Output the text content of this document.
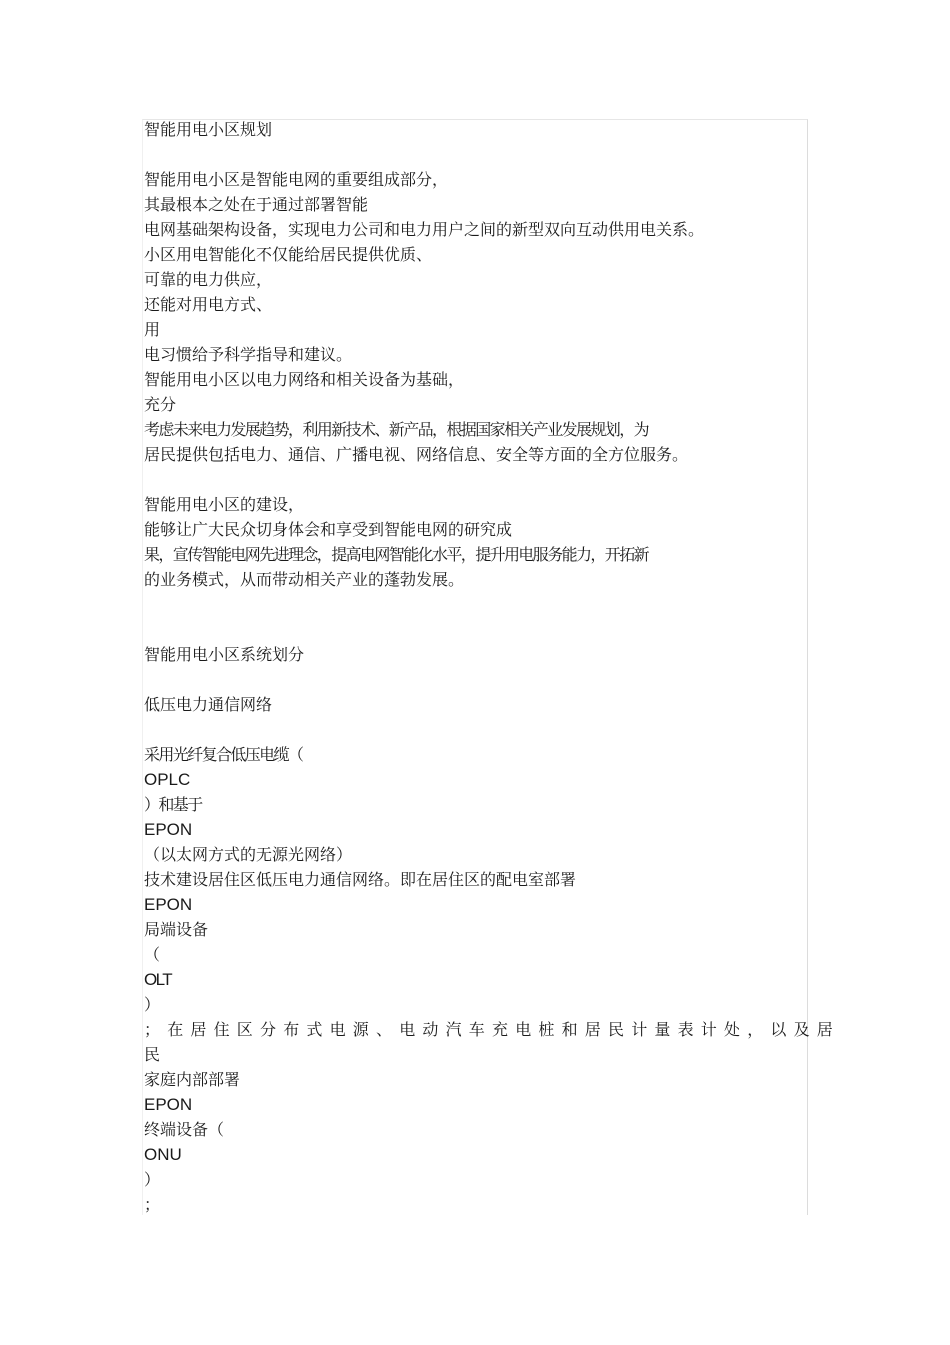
智能用电小区规划
智能用电小区是智能电网的重要组成部分，
其最根本之处在于通过部署智能
电网基础架构设备，实现电力公司和电力用户之间的新型双向互动供用电关系。
小区用电智能化不仅能给居民提供优质、
可靠的电力供应，
还能对用电方式、
用
电习惯给予科学指导和建议。
智能用电小区以电力网络和相关设备为基础，
充分
考虑未来电力发展趋势，利用新技术、新产品，根据国家相关产业发展规划，为
居民提供包括电力、通信、广播电视、网络信息、安全等方面的全方位服务。
智能用电小区的建设，
能够让广大民众切身体会和享受到智能电网的研究成
果，宣传智能电网先进理念，提高电网智能化水平，提升用电服务能力，开拓新
的业务模式，从而带动相关产业的蓬勃发展。
智能用电小区系统划分
低压电力通信网络
采用光纤复合低压电缆（
OPLC
）和基于
EPON
（以太网方式的无源光网络）
技术建设居住区低压电力通信网络。即在居住区的配电室部署
EPON
局端设备
（
OLT
）
；在居住区分布式电源、电动汽车充电桩和居民计量表计处，以及居
民
家庭内部部署
EPON
终端设备（
ONU
）
；
